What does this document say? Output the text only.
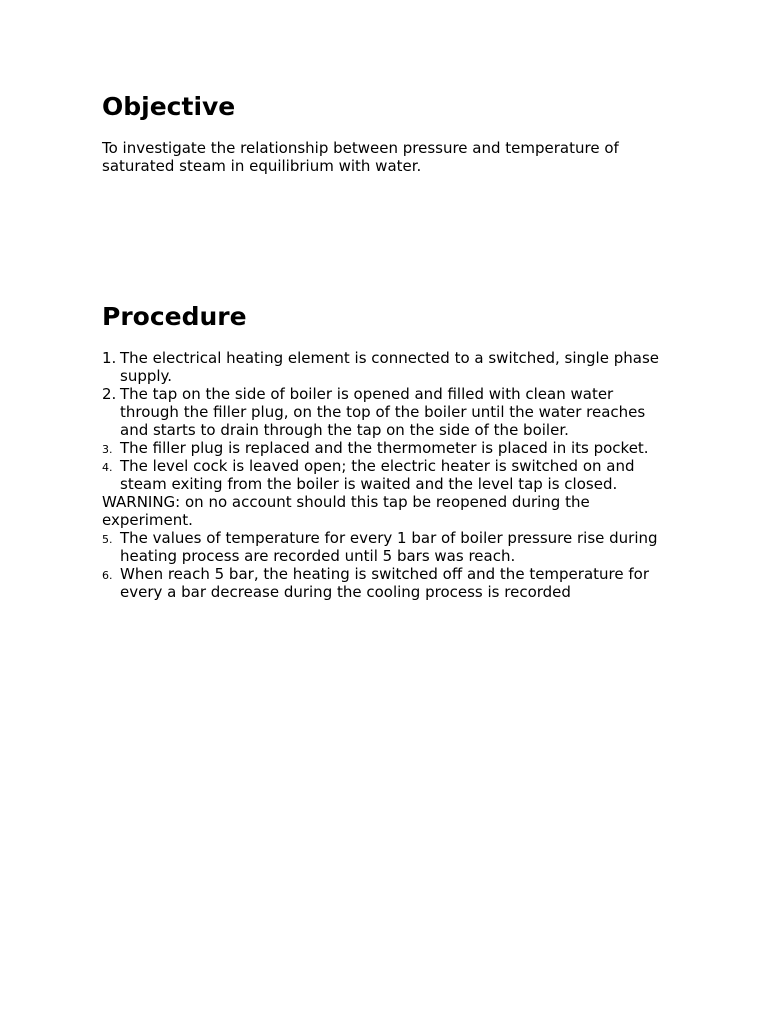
Objective

To investigate the relationship between pressure and temperature of saturated steam in equilibrium with water.

Procedure
1. The electrical heating element is connected to a switched, single phase supply.
2. The tap on the side of boiler is opened and filled with clean water through the filler plug, on the top of the boiler until the water reaches and starts to drain through the tap on the side of the boiler.
3. The filler plug is replaced and the thermometer is placed in its pocket.
4. The level cock is leaved open; the electric heater is switched on and steam exiting from the boiler is waited and the level tap is closed.
WARNING: on no account should this tap be reopened during the experiment.
5. The values of temperature for every 1 bar of boiler pressure rise during heating process are recorded until 5 bars was reach.
6. When reach 5 bar, the heating is switched off and the temperature for every a bar decrease during the cooling process is recorded
